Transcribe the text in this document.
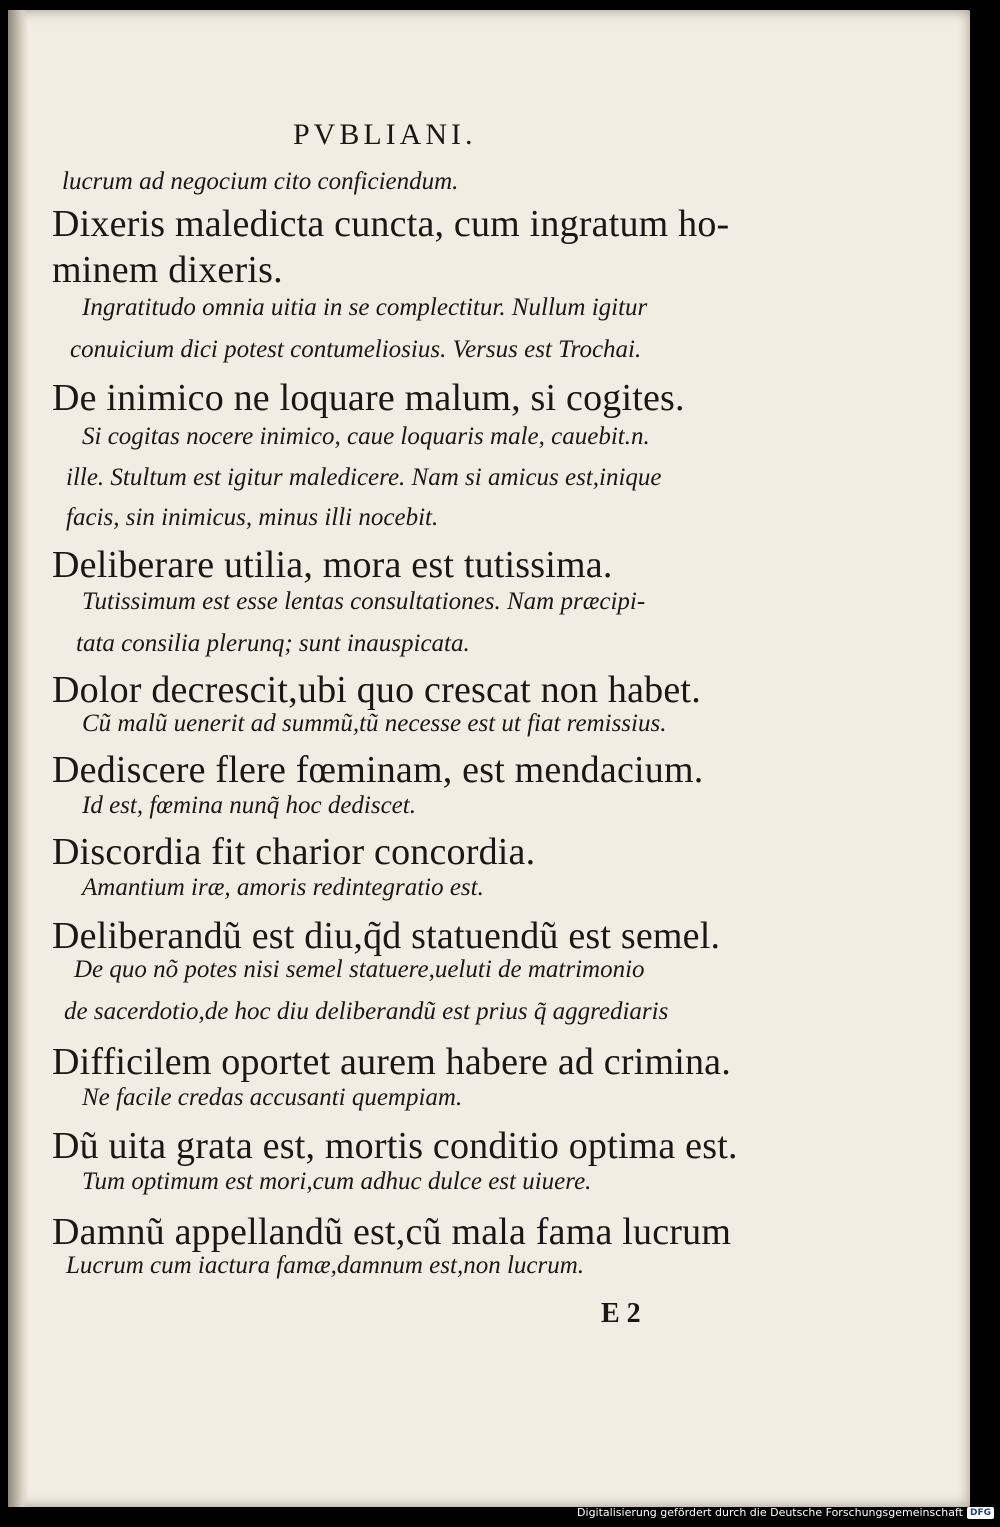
PVBLIANI.
lucrum ad negocium cito conficiendum.
Dixeris maledicta cuncta, cum ingratum ho-
minem dixeris.
Ingratitudo omnia uitia in se complectitur. Nullum igitur
conuicium dici potest contumeliosius. Versus est Trochai.
De inimico ne loquare malum, si cogites.
Si cogitas nocere inimico, caue loquaris male, cauebit.n.
ille. Stultum est igitur maledicere. Nam si amicus est,inique
facis, sin inimicus, minus illi nocebit.
Deliberare utilia, mora est tutissima.
Tutissimum est esse lentas consultationes. Nam præcipi-
tata consilia plerunq; sunt inauspicata.
Dolor decrescit,ubi quo crescat non habet.
Cũ malũ uenerit ad summũ,tũ necesse est ut fiat remissius.
Dediscere flere fœminam, est mendacium.
Id est, fœmina nunq̃ hoc dediscet.
Discordia fit charior concordia.
Amantium iræ, amoris redintegratio est.
Deliberandũ est diu,q̃d statuendũ est semel.
De quo nõ potes nisi semel statuere,ueluti de matrimonio
de sacerdotio,de hoc diu deliberandũ est prius q̃ aggrediaris
Difficilem oportet aurem habere ad crimina.
Ne facile credas accusanti quempiam.
Dũ uita grata est, mortis conditio optima est.
Tum optimum est mori,cum adhuc dulce est uiuere.
Damnũ appellandũ est,cũ mala fama lucrum
Lucrum cum iactura famæ,damnum est,non lucrum.
E 2
Digitalisierung gefördert durch die Deutsche Forschungsgemeinschaft DFG
